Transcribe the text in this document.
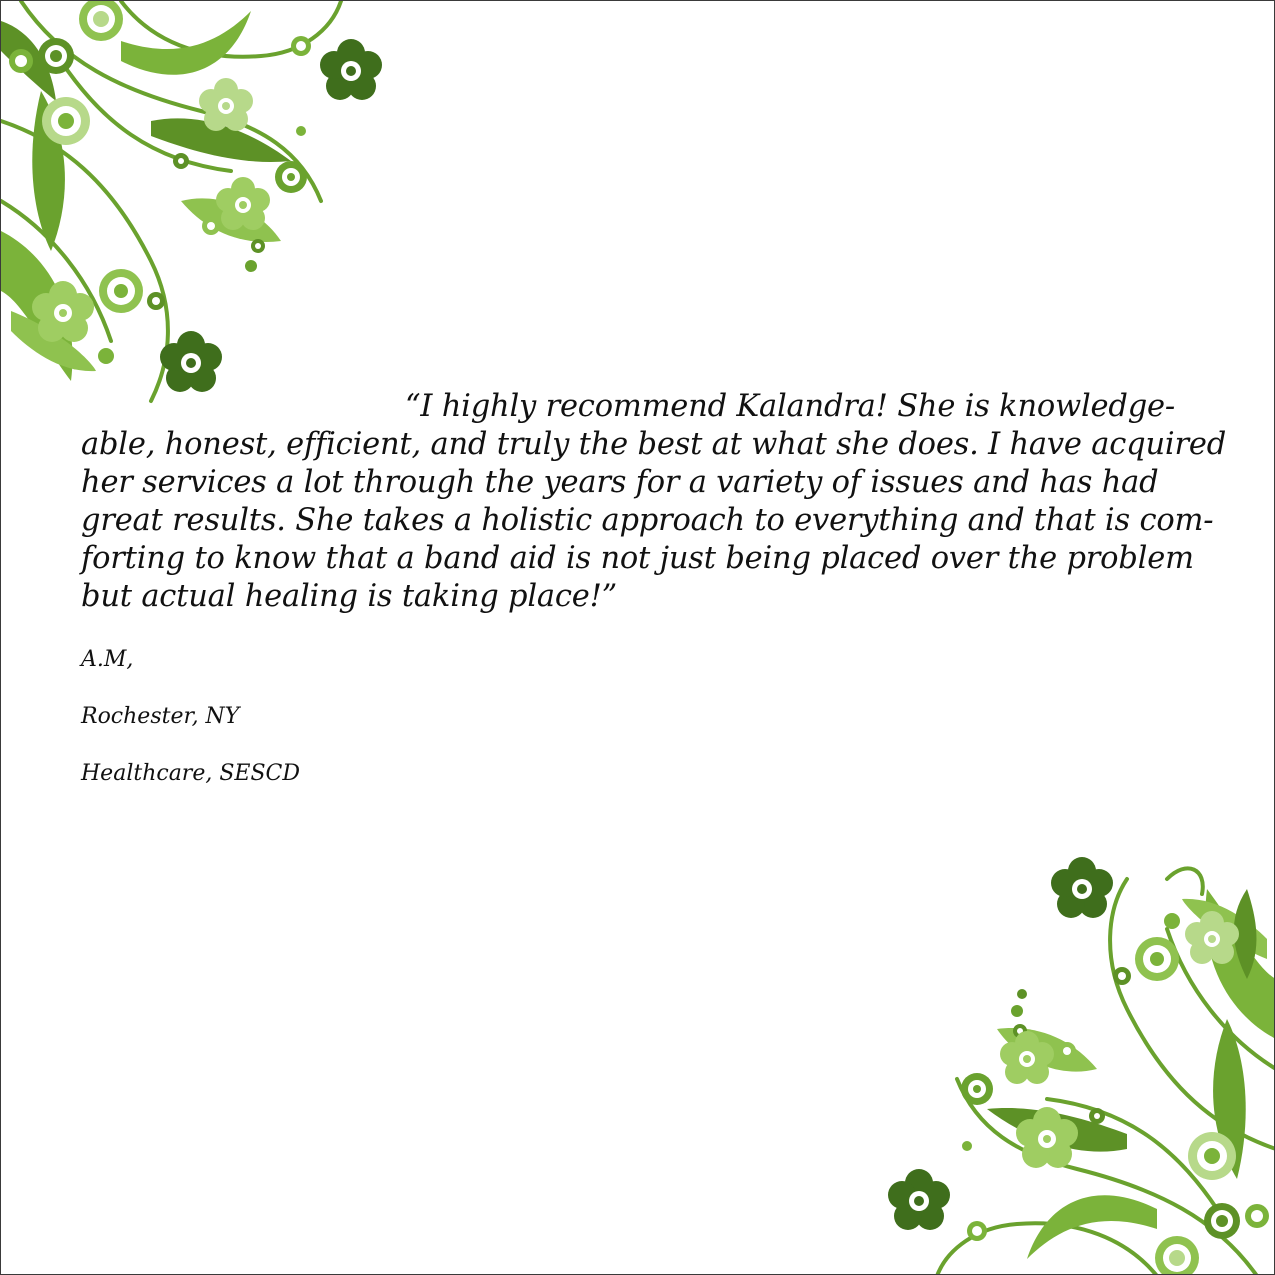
“I highly recommend Kalandra! She is knowledge-
able, honest, efficient, and truly the best at what she does. I have acquired
her services a lot through the years for a variety of issues and has had
great results. She takes a holistic approach to everything and that is com-
forting to know that a band aid is not just being placed over the problem
but actual healing is taking place!”

A.M,

Rochester, NY

Healthcare, SESCD
